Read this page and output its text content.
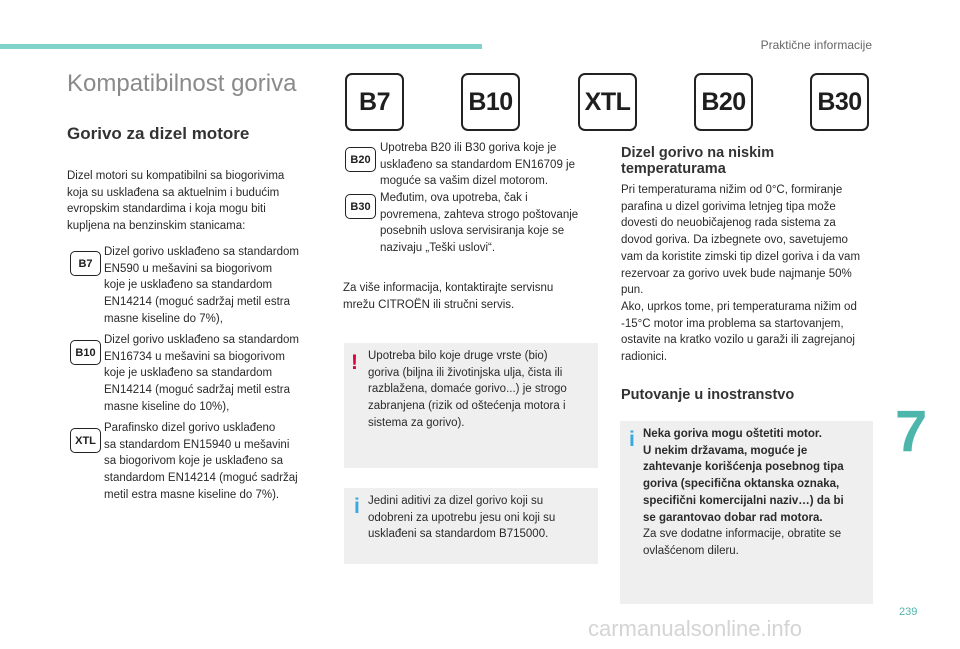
Praktične informacije
Kompatibilnost goriva
Gorivo za dizel motore

Dizel motori su kompatibilni sa biogorivima

koja su usklađena sa aktuelnim i budućim

evropskim standardima i koja mogu biti

kupljena na benzinskim stanicama:

B7

Dizel gorivo usklađeno sa standardom

EN590 u mešavini sa biogorivom

koje je usklađeno sa standardom

EN14214 (moguć sadržaj metil estra

masne kiseline do 7%),

B10

Dizel gorivo usklađeno sa standardom

EN16734 u mešavini sa biogorivom

koje je usklađeno sa standardom

EN14214 (moguć sadržaj metil estra

masne kiseline do 10%),

XTL

Parafinsko dizel gorivo usklađeno

sa standardom EN15940 u mešavini

sa biogorivom koje je usklađeno sa

standardom EN14214 (moguć sadržaj

metil estra masne kiseline do 7%).

B7	B10	XTL	B20	B30
B20

Upotreba B20 ili B30 goriva koje je

usklađeno sa standardom EN16709 je

moguće sa vašim dizel motorom.

B30

Međutim, ova upotreba, čak i

povremena, zahteva strogo poštovanje

posebnih uslova servisiranja koje se

nazivaju „Teški uslovi“.

Za više informacija, kontaktirajte servisnu

mrežu CITROËN ili stručni servis.

! Upotreba bilo koje druge vrste (bio)

goriva (biljna ili životinjska ulja, čista ili

razblažena, domaće gorivo...) je strogo

zabranjena (rizik od oštećenja motora i

sistema za gorivo).

i Jedini aditivi za dizel gorivo koji su

odobreni za upotrebu jesu oni koji su

usklađeni sa standardom B715000.

Dizel gorivo na niskim

temperaturama

Pri temperaturama nižim od 0°C, formiranje

parafina u dizel gorivima letnjeg tipa može

dovesti do neuobičajenog rada sistema za

dovod goriva. Da izbegnete ovo, savetujemo

vam da koristite zimski tip dizel goriva i da vam

rezervoar za gorivo uvek bude najmanje 50%

pun.

Ako, uprkos tome, pri temperaturama nižim od

-15°C motor ima problema sa startovanjem,

ostavite na kratko vozilo u garaži ili zagrejanoj

radionici.

Putovanje u inostranstvo

i Neka goriva mogu oštetiti motor.

U nekim državama, moguće je

zahtevanje korišćenja posebnog tipa

goriva (specifična oktanska oznaka,

specifični komercijalni naziv…) da bi

se garantovao dobar rad motora.

Za sve dodatne informacije, obratite se

ovlašćenom dileru.

7
239
carmanualsonline.info
